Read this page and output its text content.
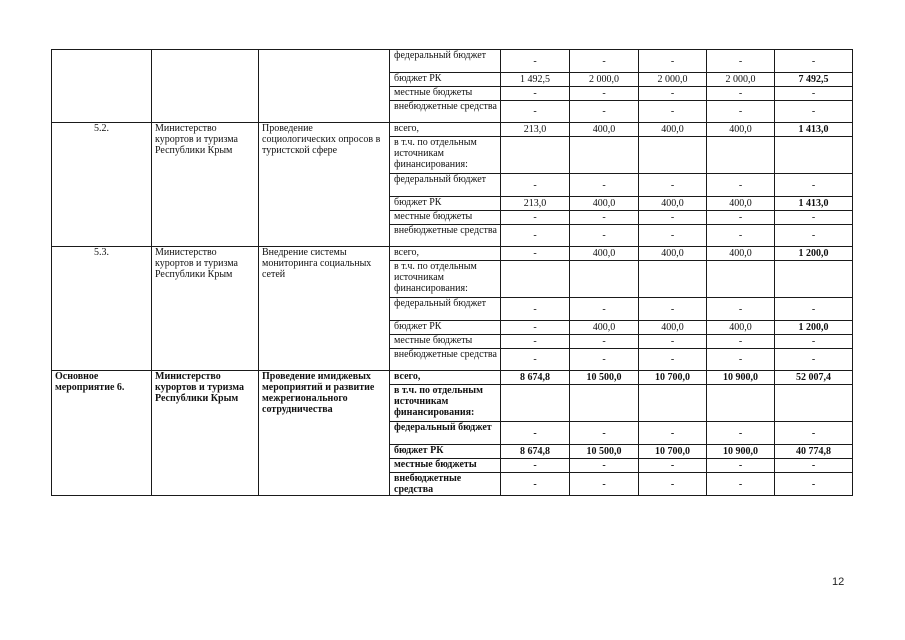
			федеральный бюджет	-	-	-	-	-
			бюджет РК	1 492,5	2 000,0	2 000,0	2 000,0	7 492,5
			местные бюджеты	-	-	-	-	-
			внебюджетные средства	-	-	-	-	-
5.2.	Министерство курортов и туризма Республики Крым	Проведение социологических опросов в туристской сфере	всего,	213,0	400,0	400,0	400,0	1 413,0
			в т.ч. по отдельным источникам финансирования:					
			федеральный бюджет	-	-	-	-	-
			бюджет РК	213,0	400,0	400,0	400,0	1 413,0
			местные бюджеты	-	-	-	-	-
			внебюджетные средства	-	-	-	-	-
5.3.	Министерство курортов и туризма Республики Крым	Внедрение системы мониторинга социальных сетей	всего,	-	400,0	400,0	400,0	1 200,0
			в т.ч. по отдельным источникам финансирования:					
			федеральный бюджет	-	-	-	-	-
			бюджет РК	-	400,0	400,0	400,0	1 200,0
			местные бюджеты	-	-	-	-	-
			внебюджетные средства	-	-	-	-	-
Основное мероприятие 6.	Министерство курортов и туризма Республики Крым	Проведение имиджевых мероприятий и развитие межрегионального сотрудничества	всего,	8 674,8	10 500,0	10 700,0	10 900,0	52 007,4
			в т.ч. по отдельным источникам финансирования:					
			федеральный бюджет	-	-	-	-	-
			бюджет РК	8 674,8	10 500,0	10 700,0	10 900,0	40 774,8
			местные бюджеты	-	-	-	-	-
			внебюджетные средства	-	-	-	-	-
12
